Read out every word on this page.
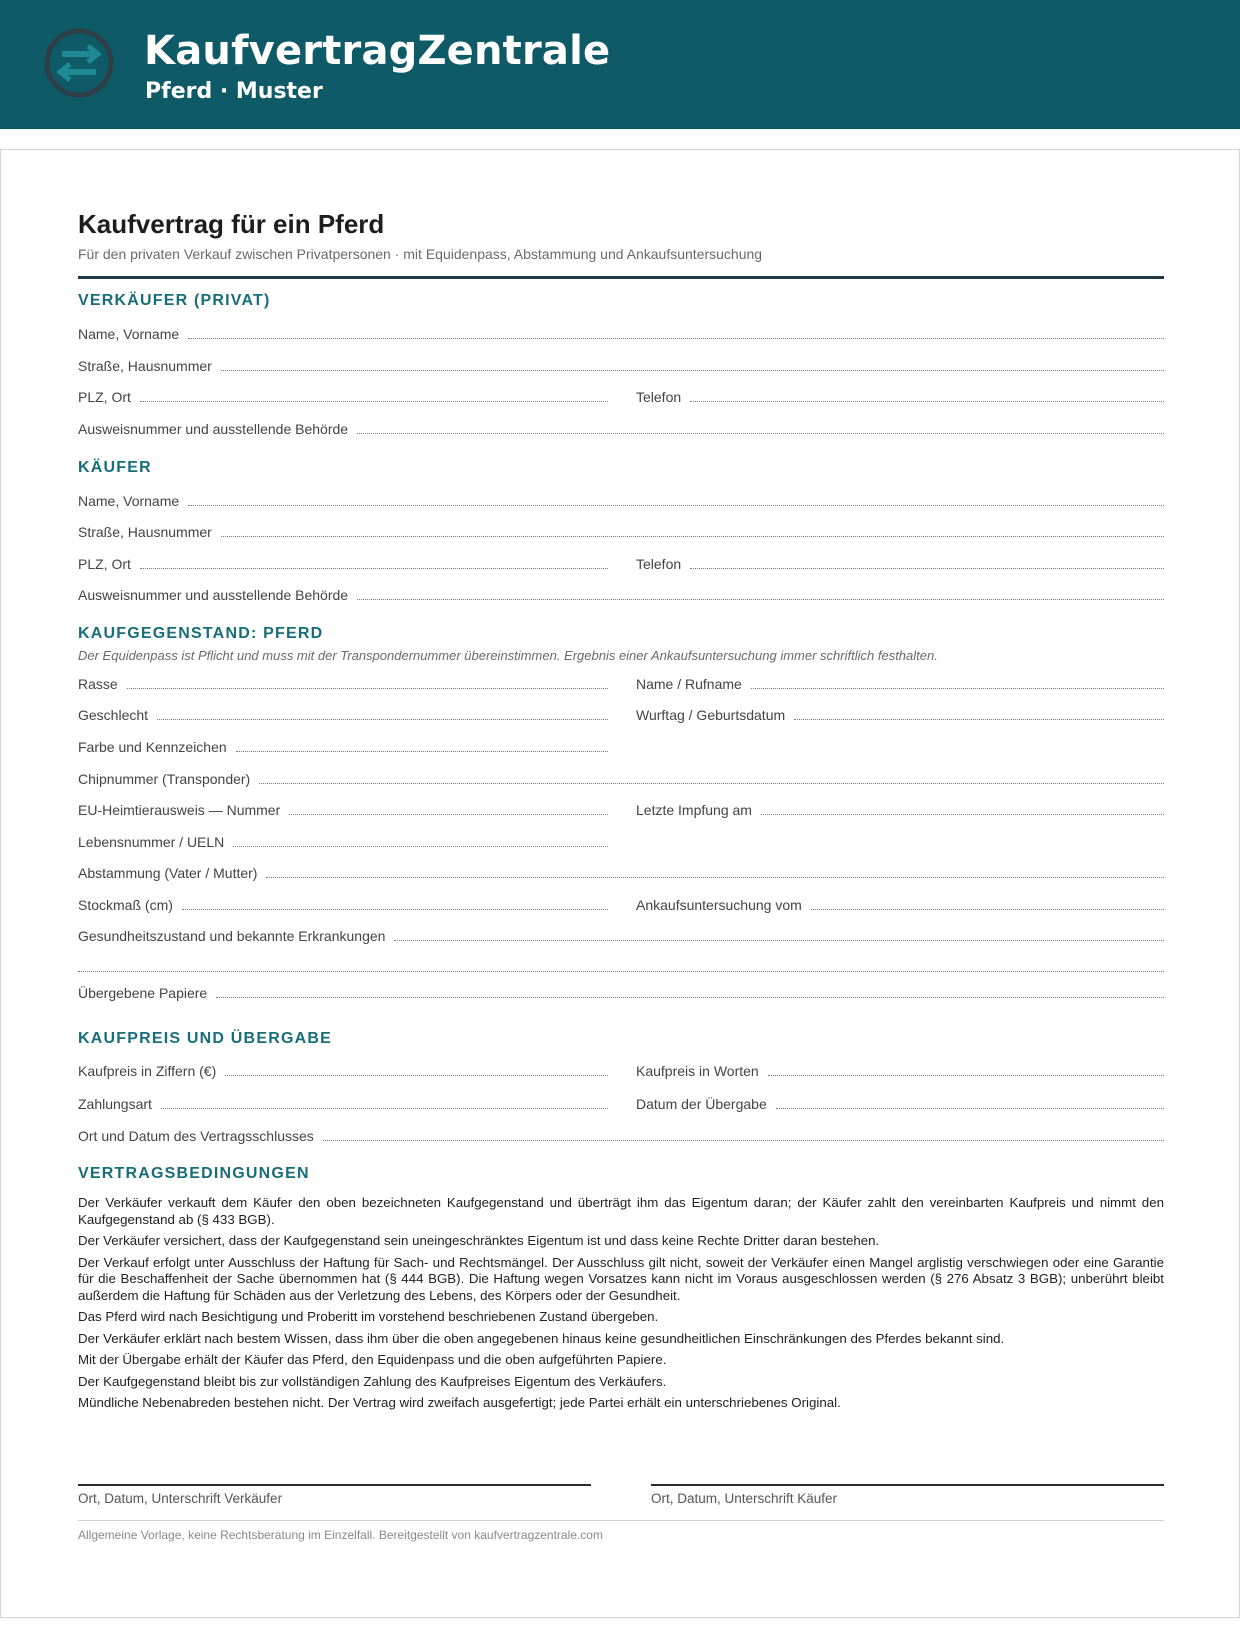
KaufvertragZentrale
Pferd · Muster
Kaufvertrag für ein Pferd
Für den privaten Verkauf zwischen Privatpersonen · mit Equidenpass, Abstammung und Ankaufsuntersuchung
VERKÄUFER (PRIVAT)
Name, Vorname
Straße, Hausnummer
PLZ, Ort	Telefon
Ausweisnummer und ausstellende Behörde
KÄUFER
Name, Vorname
Straße, Hausnummer
PLZ, Ort	Telefon
Ausweisnummer und ausstellende Behörde
KAUFGEGENSTAND: PFERD
Der Equidenpass ist Pflicht und muss mit der Transpondernummer übereinstimmen. Ergebnis einer Ankaufsuntersuchung immer schriftlich festhalten.
Rasse	Name / Rufname
Geschlecht	Wurftag / Geburtsdatum
Farbe und Kennzeichen
Chipnummer (Transponder)
EU-Heimtierausweis — Nummer	Letzte Impfung am
Lebensnummer / UELN
Abstammung (Vater / Mutter)
Stockmaß (cm)	Ankaufsuntersuchung vom
Gesundheitszustand und bekannte Erkrankungen
Übergebene Papiere
KAUFPREIS UND ÜBERGABE
Kaufpreis in Ziffern (€)	Kaufpreis in Worten
Zahlungsart	Datum der Übergabe
Ort und Datum des Vertragsschlusses
VERTRAGSBEDINGUNGEN

Der Verkäufer verkauft dem Käufer den oben bezeichneten Kaufgegenstand und überträgt ihm das Eigentum daran; der Käufer zahlt den vereinbarten Kaufpreis und nimmt den Kaufgegenstand ab (§ 433 BGB).

Der Verkäufer versichert, dass der Kaufgegenstand sein uneingeschränktes Eigentum ist und dass keine Rechte Dritter daran bestehen.

Der Verkauf erfolgt unter Ausschluss der Haftung für Sach- und Rechtsmängel. Der Ausschluss gilt nicht, soweit der Verkäufer einen Mangel arglistig verschwiegen oder eine Garantie für die Beschaffenheit der Sache übernommen hat (§ 444 BGB). Die Haftung wegen Vorsatzes kann nicht im Voraus ausgeschlossen werden (§ 276 Absatz 3 BGB); unberührt bleibt außerdem die Haftung für Schäden aus der Verletzung des Lebens, des Körpers oder der Gesundheit.

Das Pferd wird nach Besichtigung und Proberitt im vorstehend beschriebenen Zustand übergeben.

Der Verkäufer erklärt nach bestem Wissen, dass ihm über die oben angegebenen hinaus keine gesundheitlichen Einschränkungen des Pferdes bekannt sind.

Mit der Übergabe erhält der Käufer das Pferd, den Equidenpass und die oben aufgeführten Papiere.

Der Kaufgegenstand bleibt bis zur vollständigen Zahlung des Kaufpreises Eigentum des Verkäufers.

Mündliche Nebenabreden bestehen nicht. Der Vertrag wird zweifach ausgefertigt; jede Partei erhält ein unterschriebenes Original.

Ort, Datum, Unterschrift Verkäufer	Ort, Datum, Unterschrift Käufer
Allgemeine Vorlage, keine Rechtsberatung im Einzelfall. Bereitgestellt von kaufvertragzentrale.com
